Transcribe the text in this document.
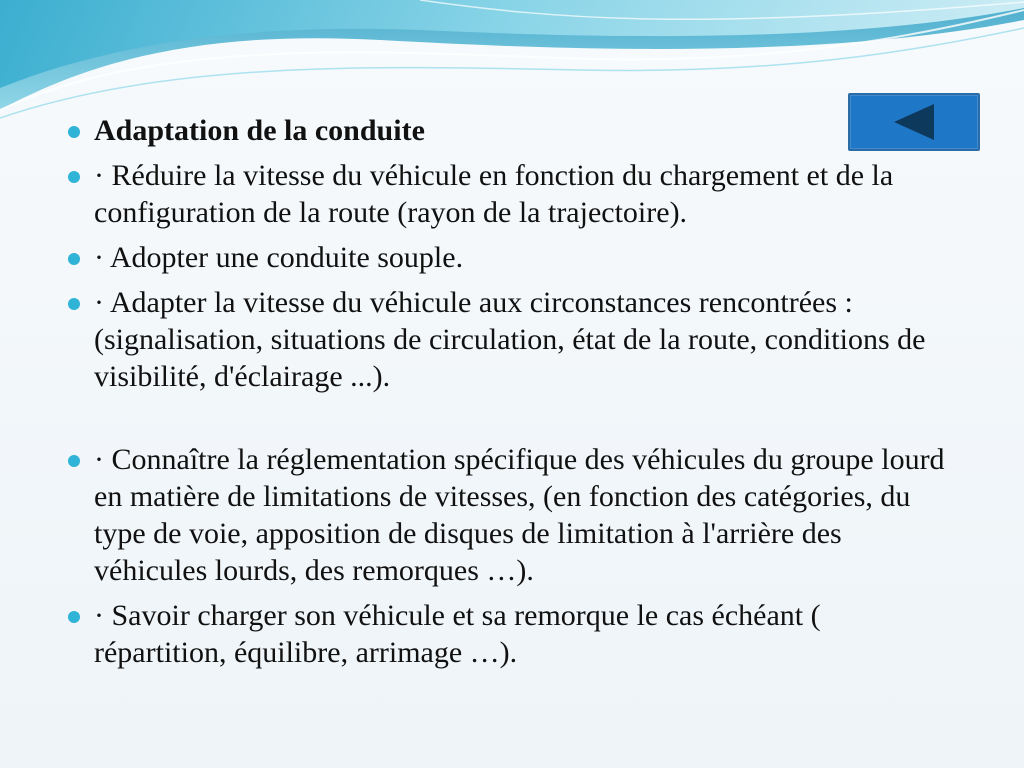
Adaptation de la conduite
· Réduire la vitesse du véhicule en fonction du chargement et de la configuration de la route (rayon de la trajectoire).
· Adopter une conduite souple.
· Adapter la vitesse du véhicule aux circonstances rencontrées : (signalisation, situations de circulation, état de la route, conditions de visibilité, d'éclairage ...).
· Connaître la réglementation spécifique des véhicules du groupe lourd en matière de limitations de vitesses, (en fonction des catégories, du type de voie, apposition de disques de limitation à l'arrière des véhicules lourds, des remorques …).
· Savoir charger son véhicule et sa remorque le cas échéant ( répartition, équilibre, arrimage …).
